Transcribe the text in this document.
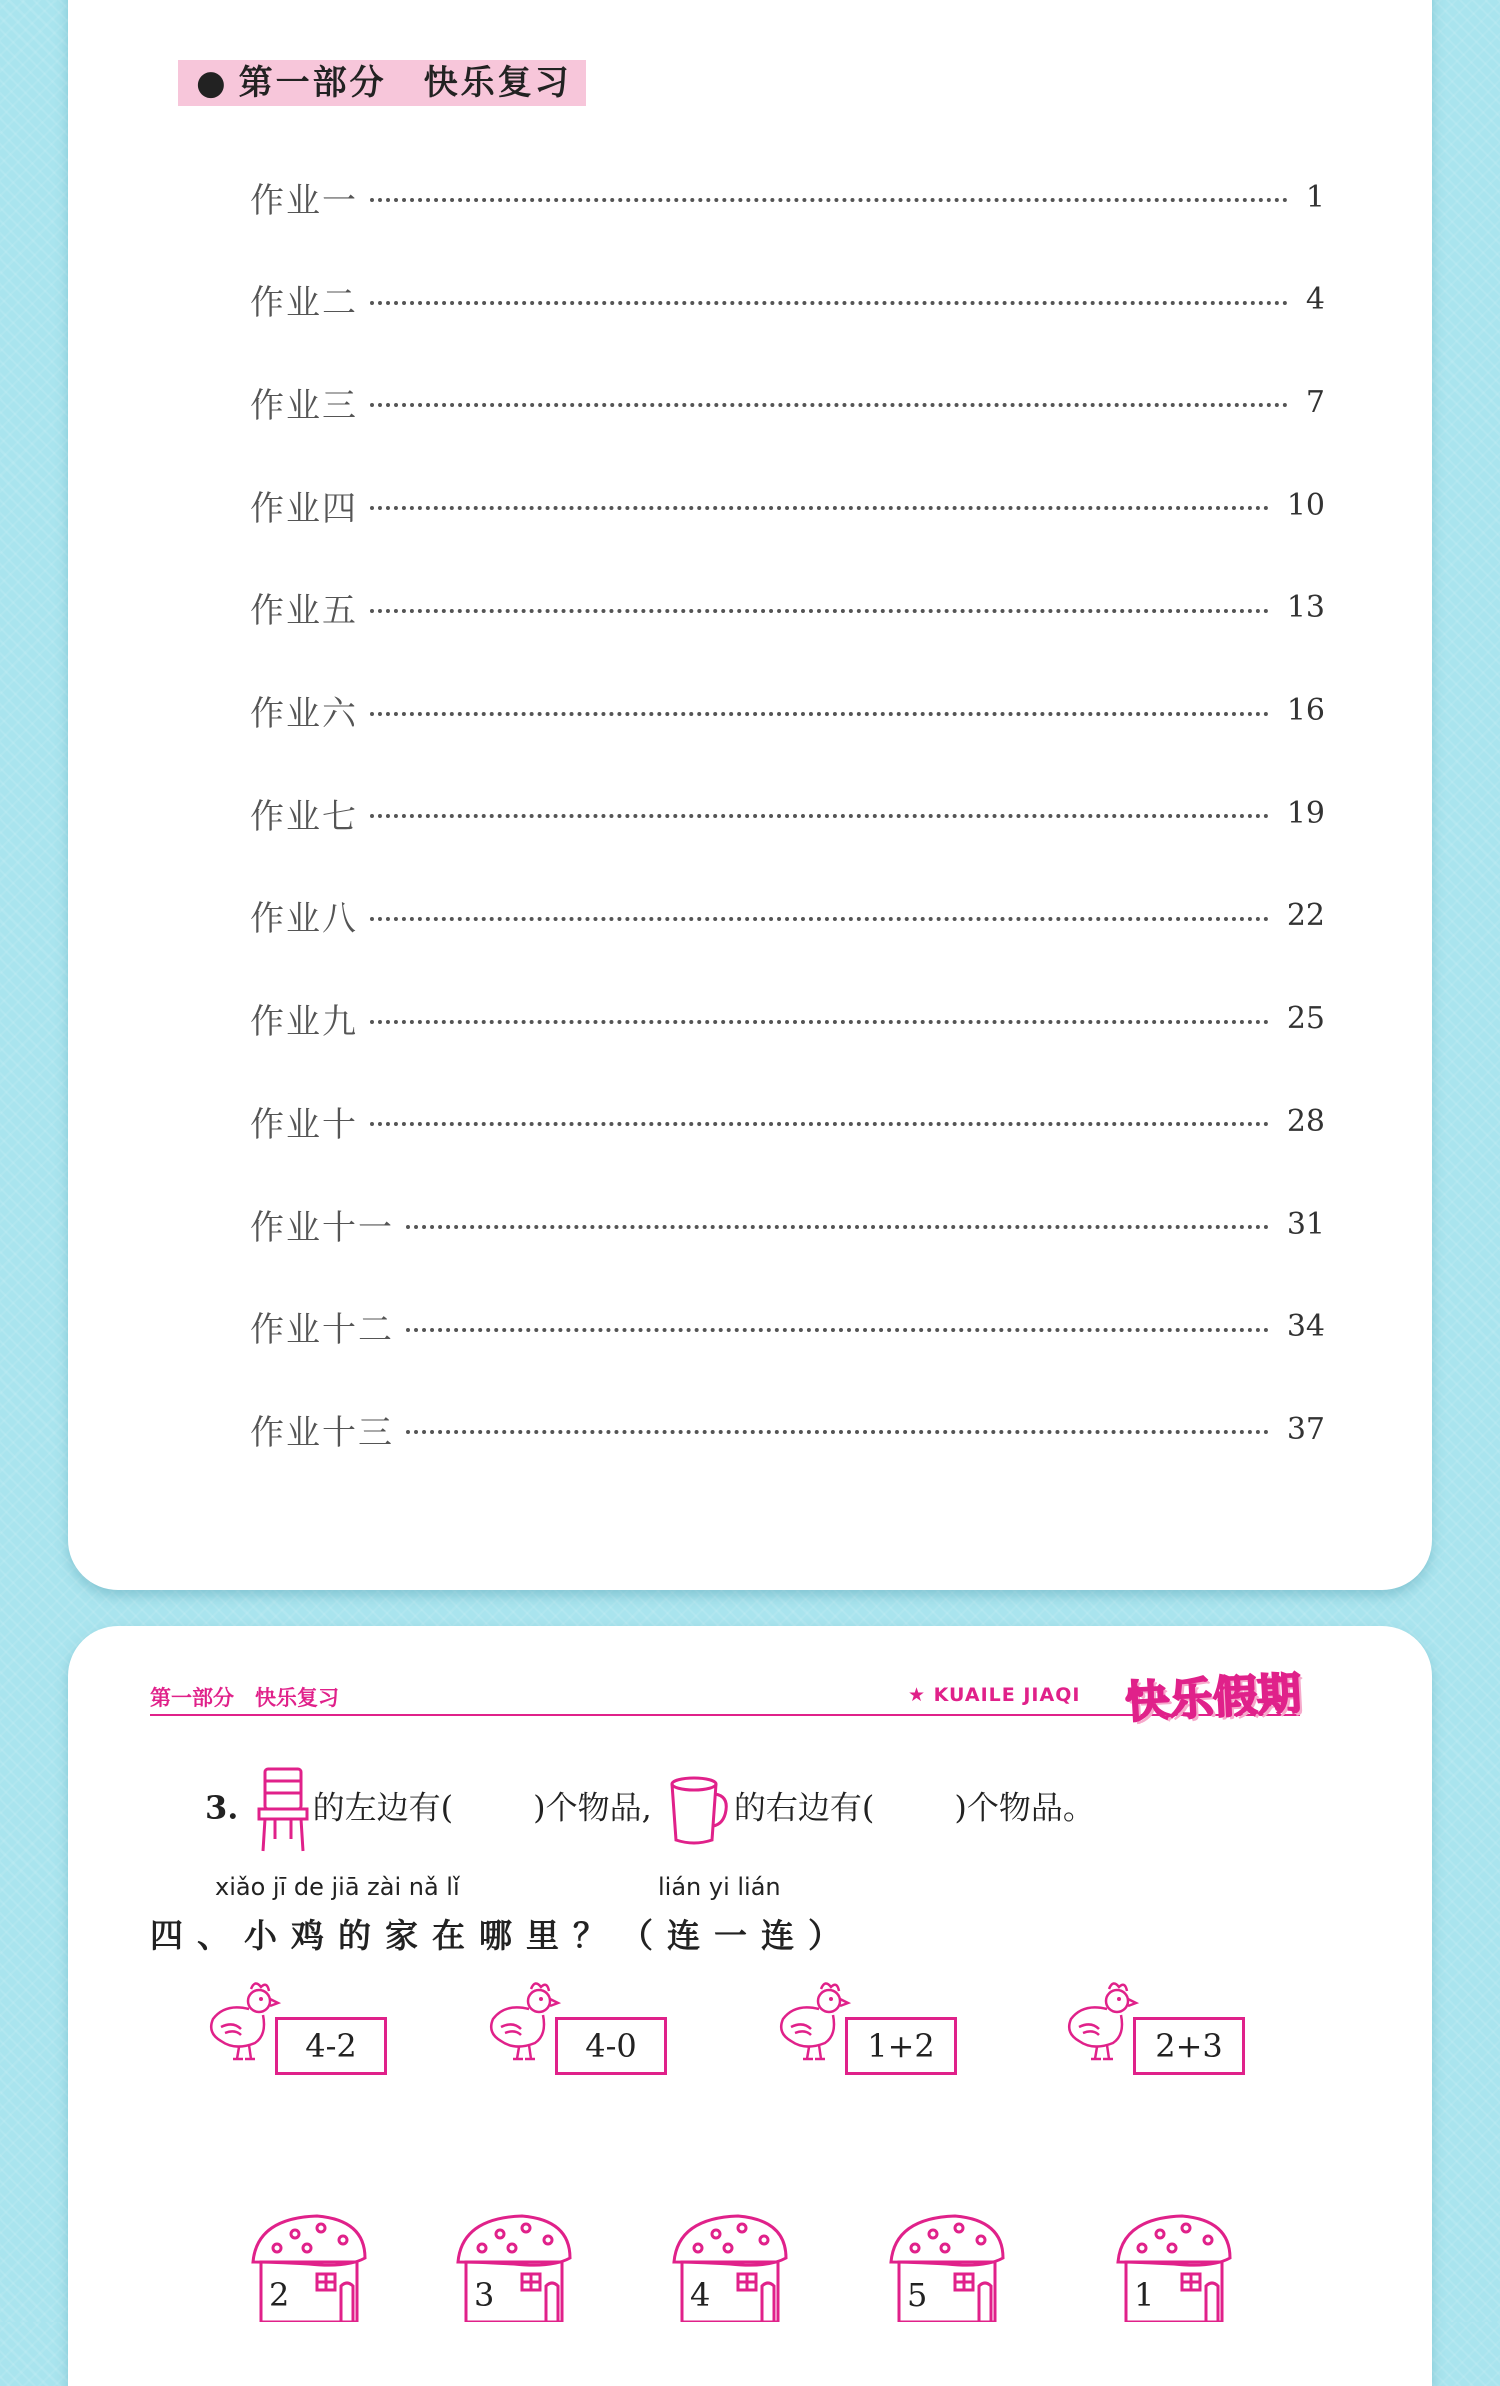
● 第一部分　快乐复习
作业一	1
作业二	4
作业三	7
作业四	10
作业五	13
作业六	16
作业七	19
作业八	22
作业九	25
作业十	28
作业十一	31
作业十二	34
作业十三	37
第一部分　快乐复习	★ KUAILE JIAQI 快乐假期
3. 的左边有(	)个物品,	的右边有(	)个物品。
xiǎo jī de jiā zài nǎ lǐ	lián yi lián
四、小鸡的家在哪里？（连一连）
4-2	4-0	1+2	2+3
2	3	4	5	1
